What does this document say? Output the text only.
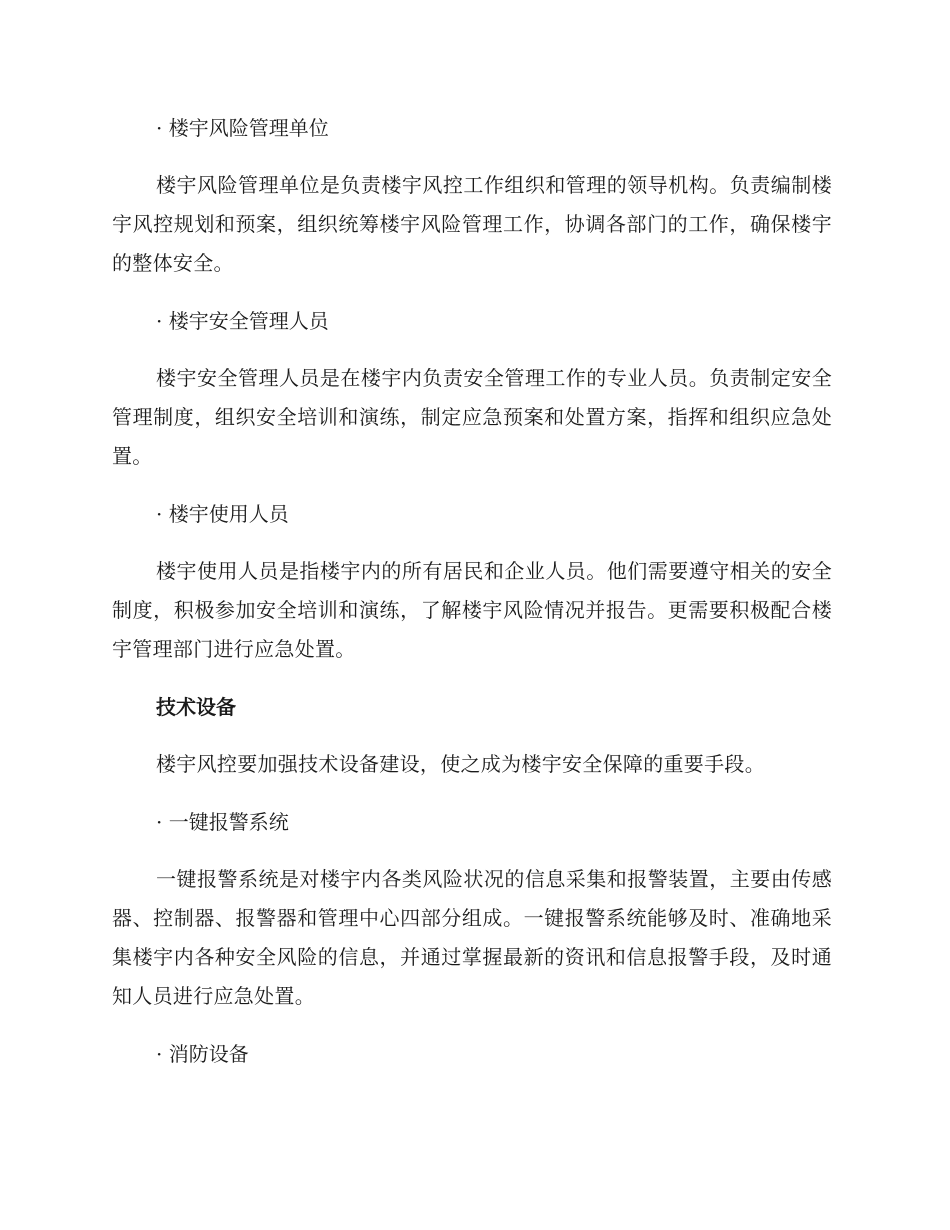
· 楼宇风险管理单位
楼宇风险管理单位是负责楼宇风控工作组织和管理的领导机构。负责编制楼宇风控规划和预案，组织统筹楼宇风险管理工作，协调各部门的工作，确保楼宇的整体安全。
· 楼宇安全管理人员
楼宇安全管理人员是在楼宇内负责安全管理工作的专业人员。负责制定安全管理制度，组织安全培训和演练，制定应急预案和处置方案，指挥和组织应急处置。
· 楼宇使用人员
楼宇使用人员是指楼宇内的所有居民和企业人员。他们需要遵守相关的安全制度，积极参加安全培训和演练，了解楼宇风险情况并报告。更需要积极配合楼宇管理部门进行应急处置。
技术设备
楼宇风控要加强技术设备建设，使之成为楼宇安全保障的重要手段。
· 一键报警系统
一键报警系统是对楼宇内各类风险状况的信息采集和报警装置，主要由传感器、控制器、报警器和管理中心四部分组成。一键报警系统能够及时、准确地采集楼宇内各种安全风险的信息，并通过掌握最新的资讯和信息报警手段，及时通知人员进行应急处置。
· 消防设备
